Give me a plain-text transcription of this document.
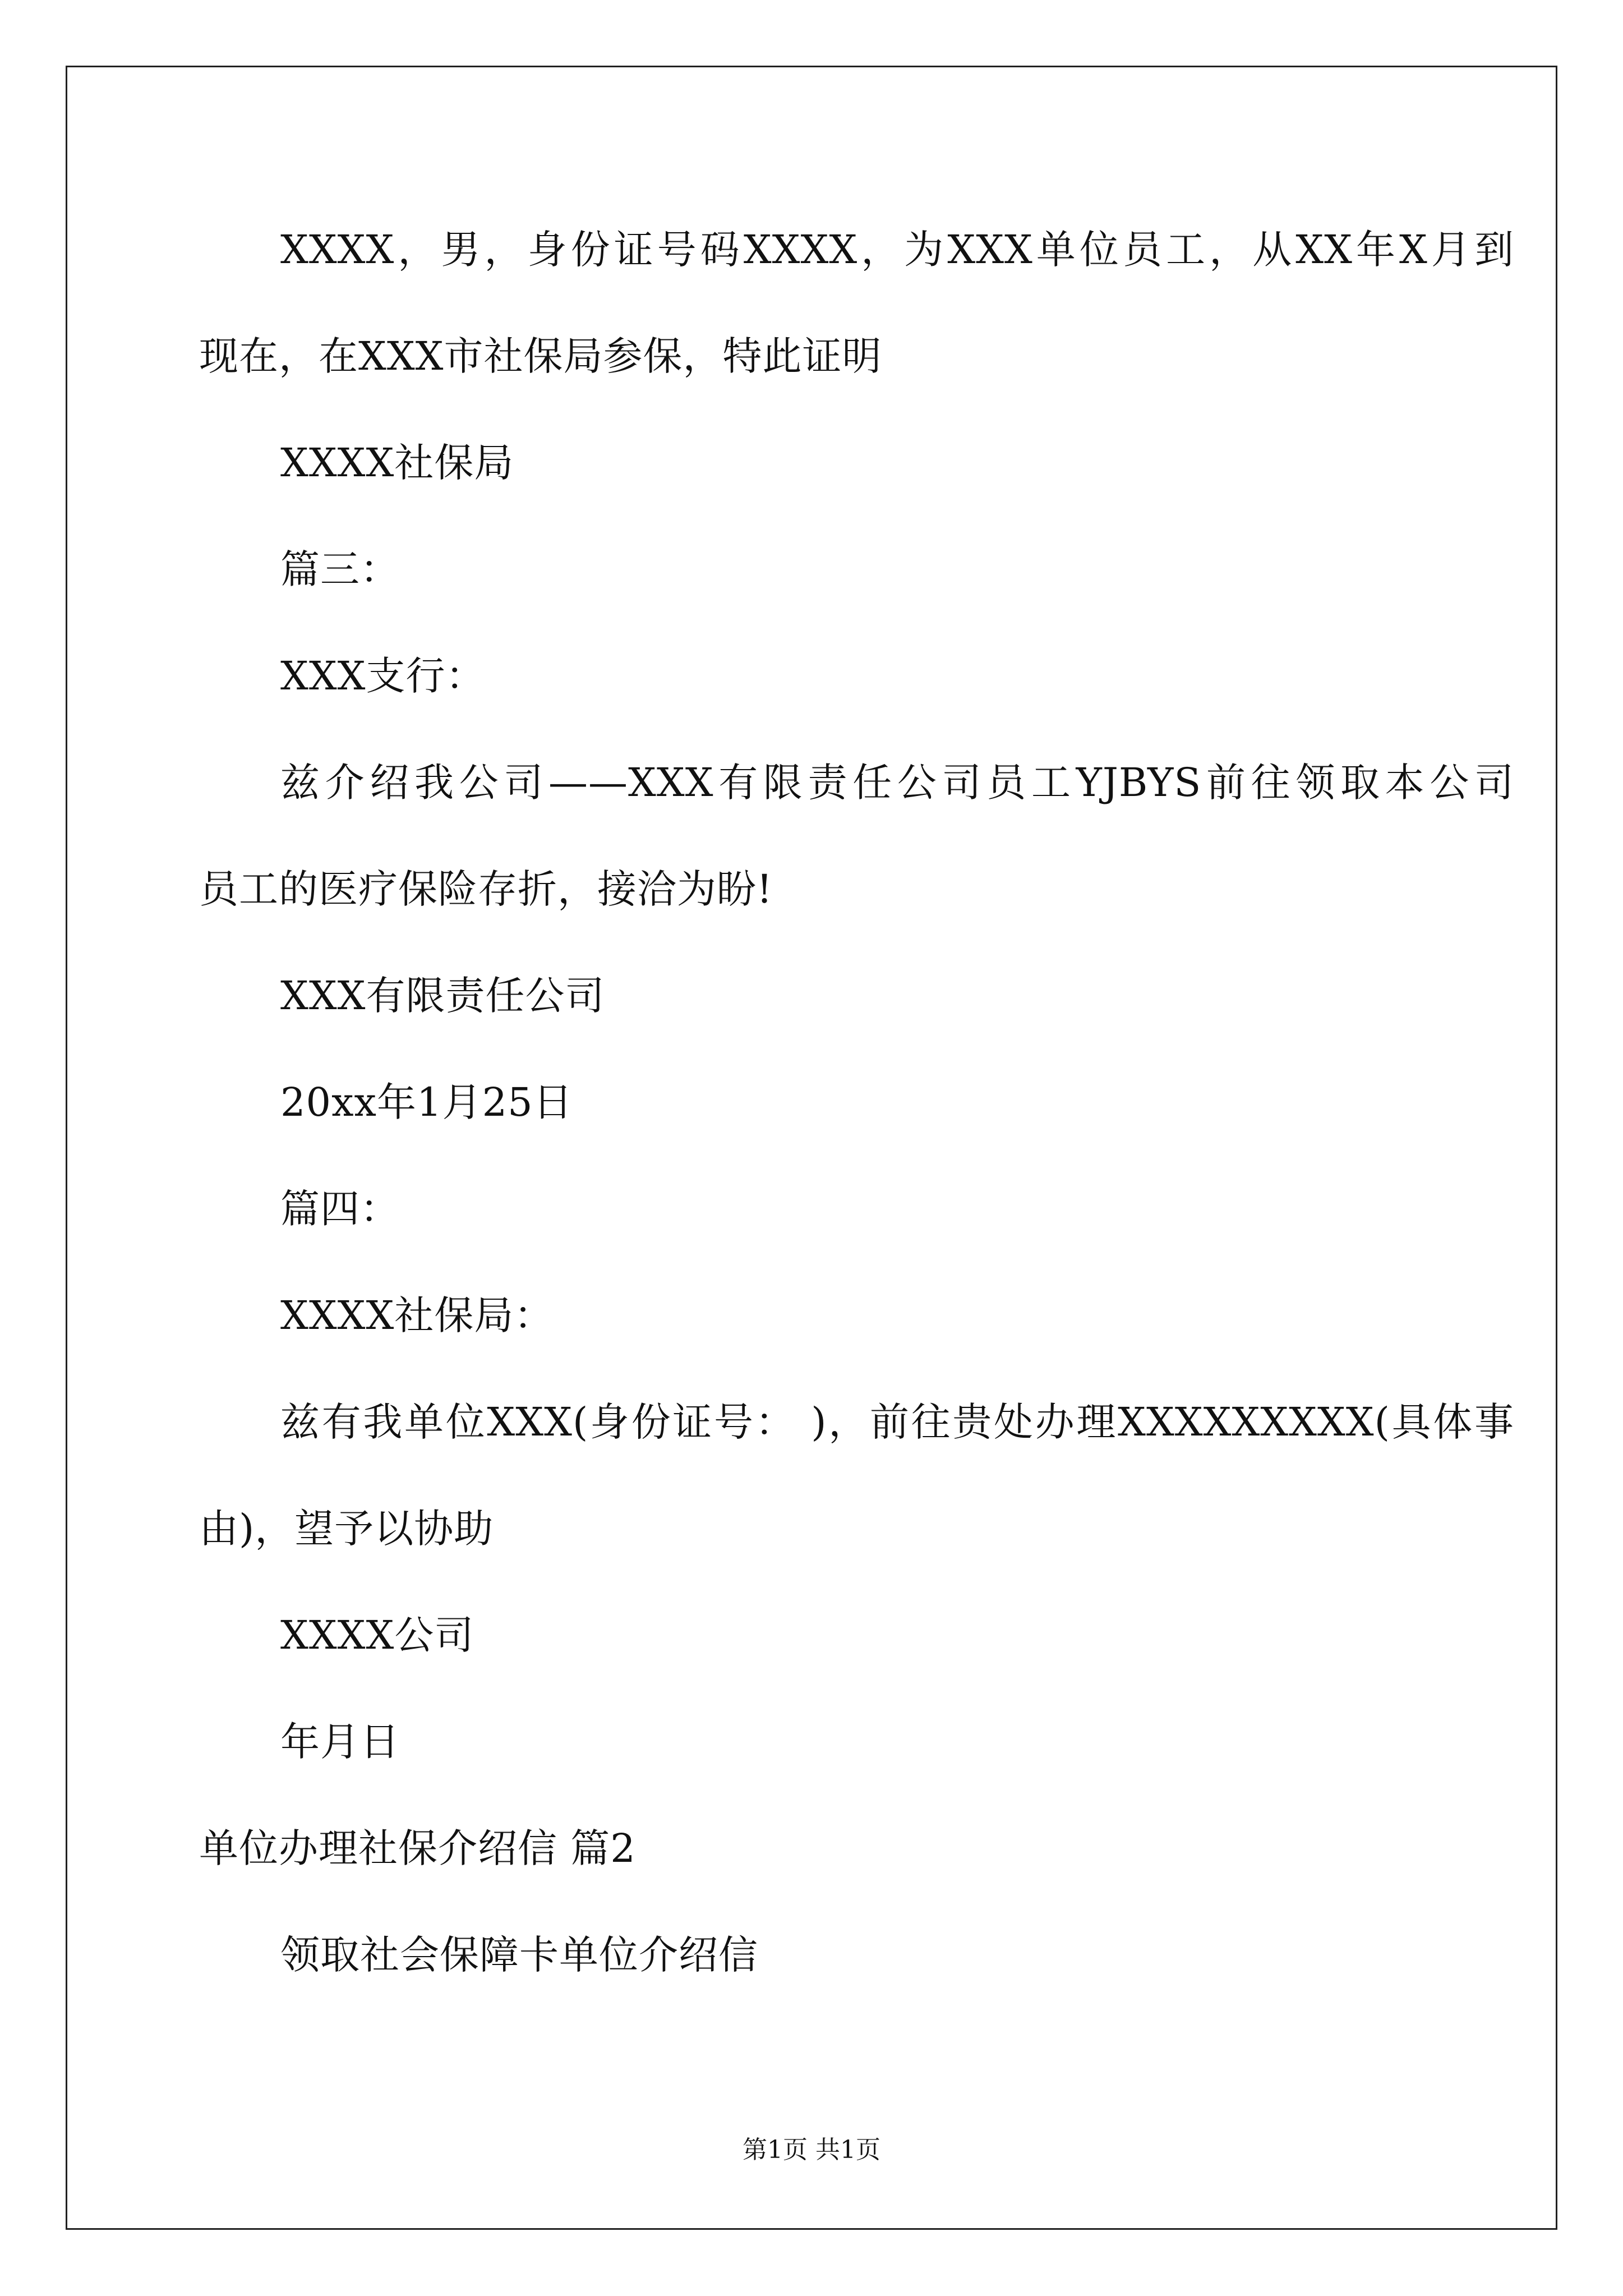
XXXX，男，身份证号码XXXX，为XXX单位员工，从XX年X月到
现在，在XXX市社保局参保，特此证明
XXXX社保局
篇三：
XXX支行：
兹介绍我公司——XXX有限责任公司员工YJBYS前往领取本公司
员工的医疗保险存折，接洽为盼!
XXX有限责任公司
20xx年1月25日
篇四：
XXXX社保局：
兹有我单位XXX(身份证号： )，前往贵处办理XXXXXXXXX(具体事
由)，望予以协助
XXXX公司
年月日
单位办理社保介绍信 篇2
领取社会保障卡单位介绍信
第1页 共1页
